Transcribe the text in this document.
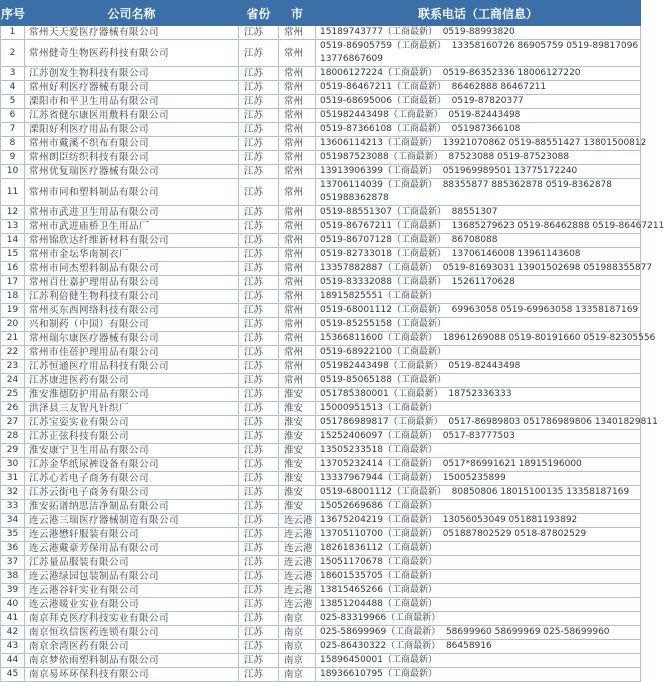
序号	公司名称	省份	市	联系电话（工商信息）
1	常州天天爱医疗器械有限公司	江苏	常州	15189743777（工商最新）  0519-88993820

2	常州健奇生物医药科技有限公司	江苏	常州	0519-86905759（工商最新）  13358160726 86905759 0519-89817096
13776867609

3	江苏创发生物科技有限公司	江苏	常州	18006127224（工商最新）  0519-86352336 18006127220

4	常州好利医疗器械有限公司	江苏	常州	0519-86467211（工商最新）  86462888 86467211

5	溧阳市和平卫生用品有限公司	江苏	常州	0519-68695006（工商最新）  0519-87820377

6	江苏省健尔康医用敷料有限公司	江苏	常州	051982443498（工商最新）  0519-82443498

7	溧阳好利医疗用品有限公司	江苏	常州	0519-87366108（工商最新）  051987366108

8	常州市戴溪不织布有限公司	江苏	常州	13606114213（工商最新）  13921070862 0519-88551427 13801500812

9	常州朗臣纺织科技有限公司	江苏	常州	051987523088（工商最新）  87523088 0519-87523088

10	常州优复瑞医疗器械有限公司	江苏	常州	13913906399（工商最新）  051969989501 13775172240

11	常州市同和塑料制品有限公司	江苏	常州	13706114039（工商最新）  88355877 885362878 0519-8362878
051988362878

12	常州市武进卫生用品有限公司	江苏	常州	0519-88551307（工商最新）  88551307

13	常州市武进庙桥卫生用品厂	江苏	常州	0519-86767211（工商最新）  13685279623 0519-86462888 0519-86467211

14	常州锦欣达纤维新材料有限公司	江苏	常州	0519-86707128（工商最新）  86708088

15	常州市金坛华南制衣厂	江苏	常州	0519-82733018（工商最新）  13706146008 13961143608

16	常州市同杰塑料制品有限公司	江苏	常州	13357882887（工商最新）  0519-81693031 13901502698 051988355877

17	常州百仕嘉护理用品有限公司	江苏	常州	0519-83332088（工商最新）  15261170628

18	江苏利倍健生物科技有限公司	江苏	常州	18915825551（工商最新）

19	常州买东西网络科技有限公司	江苏	常州	0519-68001112（工商最新）  69963058 0519-69963058 13358187169

20	兴和制药（中国）有限公司	江苏	常州	0519-85255158（工商最新）

21	常州瑞尔康医疗器械有限公司	江苏	常州	15366811600（工商最新）  18961269088 0519-80191660 0519-82305556

22	常州市佳蓓护理用品有限公司	江苏	常州	0519-68922100（工商最新）

23	江苏恒通医疗用品科技有限公司	江苏	常州	051982443498（工商最新）  0519-82443498

24	江苏康进医药有限公司	江苏	常州	0519-85065188（工商最新）

25	淮安淮德防护用品有限公司	江苏	淮安	051785380001（工商最新）  18752336333

26	洪泽县三友智凡针织厂	江苏	淮安	15000951513（工商最新）

27	江苏宝姿实业有限公司	江苏	淮安	051786989817（工商最新）  0517-86989803 051786989806 13401829811

28	江苏正弦科技有限公司	江苏	淮安	15252406097（工商最新）  0517-83777503

29	淮安康宁卫生用品有限公司	江苏	淮安	13505233518（工商最新）

30	江苏金华纸尿裤设备有限公司	江苏	淮安	13705232414（工商最新）  0517*86991621 18915196000

31	江苏心若电子商务有限公司	江苏	淮安	13337967944（工商最新）  15005235899

32	江苏云街电子商务有限公司	江苏	淮安	0519-68001112（工商最新）  80850806 18015100135 13358187169

33	淮安拓谱纳思洁净制品有限公司	江苏	淮安	15052669686（工商最新）

34	连云港三瑞医疗器械制造有限公司	江苏	连云港	13675204219（工商最新）  13056053049 051881193892

35	连云港懋轩服装有限公司	江苏	连云港	13705110700（工商最新）  051887802529 0518-87802529

36	连云港戴豪芳保用品有限公司	江苏	连云港	18261836112（工商最新）

37	江苏量品服装有限公司	江苏	连云港	15051170678（工商最新）

38	连云港绿园包装制品有限公司	江苏	连云港	18601535705（工商最新）

39	连云港谷轩实业有限公司	江苏	连云港	13815465266（工商最新）

40	连云港暖业实业有限公司	江苏	连云港	13851204488（工商最新）

41	南京拜克医疗科技实业有限公司	江苏	南京	025-83319966（工商最新）

42	南京恒玖信医药连锁有限公司	江苏	南京	025-58699969（工商最新）  58699960 58699969 025-58699960

43	南京余湾医药有限公司	江苏	南京	025-86430322（工商最新）  86458916

44	南京梦依雨塑料制品有限公司	江苏	南京	15896450001（工商最新）

45	南京易环环保科技有限公司	江苏	南京	18936610795（工商最新）
